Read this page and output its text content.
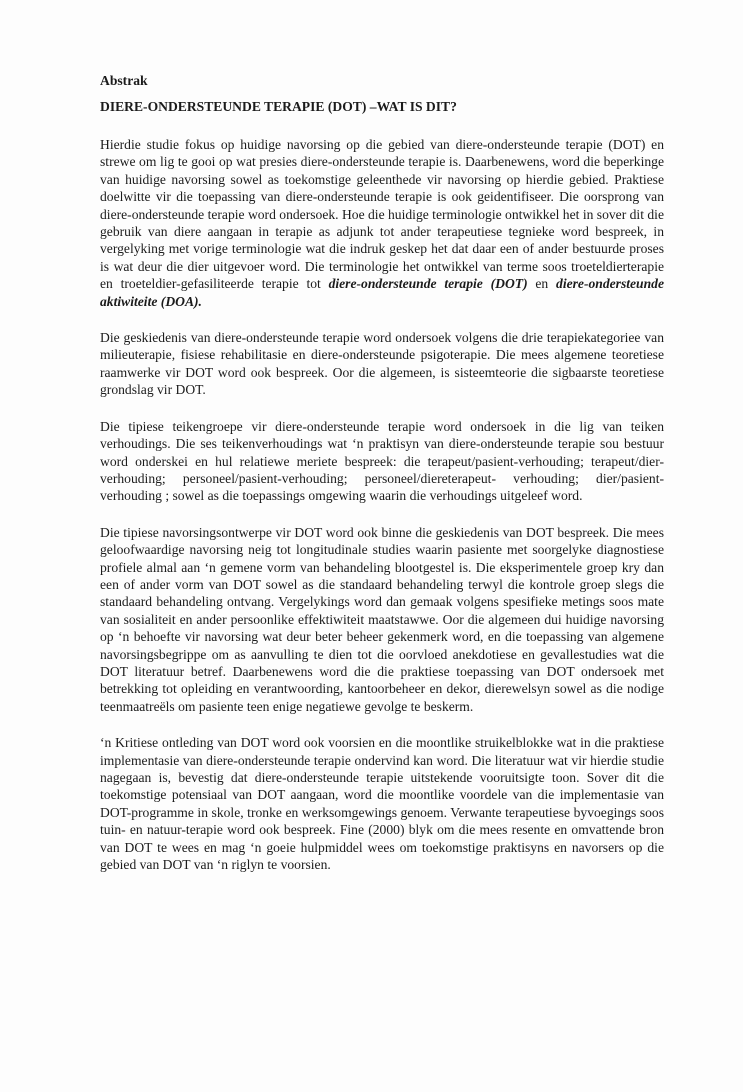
Abstrak

DIERE-ONDERSTEUNDE TERAPIE (DOT) –WAT IS DIT?

Hierdie studie fokus op huidige navorsing op die gebied van diere-ondersteunde terapie (DOT) en strewe om lig te gooi op wat presies diere-ondersteunde terapie is. Daarbenewens, word die beperkinge van huidige navorsing sowel as toekomstige geleenthede vir navorsing op hierdie gebied. Praktiese doelwitte vir die toepassing van diere-ondersteunde terapie is ook geidentifiseer. Die oorsprong van diere-ondersteunde terapie word ondersoek. Hoe die huidige terminologie ontwikkel het in sover dit die gebruik van diere aangaan in terapie as adjunk tot ander terapeutiese tegnieke word bespreek, in vergelyking met vorige terminologie wat die indruk geskep het dat daar een of ander bestuurde proses is wat deur die dier uitgevoer word. Die terminologie het ontwikkel van terme soos troeteldierterapie en troeteldier-gefasiliteerde terapie tot diere-ondersteunde terapie (DOT) en diere-ondersteunde aktiwiteite (DOA).

Die geskiedenis van diere-ondersteunde terapie word ondersoek volgens die drie terapiekategoriee van milieuterapie, fisiese rehabilitasie en diere-ondersteunde psigoterapie. Die mees algemene teoretiese raamwerke vir DOT word ook bespreek. Oor die algemeen, is sisteemteorie die sigbaarste teoretiese grondslag vir DOT.

Die tipiese teikengroepe vir diere-ondersteunde terapie word ondersoek in die lig van teiken verhoudings. Die ses teikenverhoudings wat ‘n praktisyn van diere-ondersteunde terapie sou bestuur word onderskei en hul relatiewe meriete bespreek: die terapeut/pasient-verhouding; terapeut/dier-verhouding; personeel/pasient-verhouding; personeel/diereterapeut- verhouding; dier/pasient- verhouding ; sowel as die toepassings omgewing waarin die verhoudings uitgeleef word.

Die tipiese navorsingsontwerpe vir DOT word ook binne die geskiedenis van DOT bespreek. Die mees geloofwaardige navorsing neig tot longitudinale studies waarin pasiente met soorgelyke diagnostiese profiele almal aan ‘n gemene vorm van behandeling blootgestel is. Die eksperimentele groep kry dan een of ander vorm van DOT sowel as die standaard behandeling terwyl die kontrole groep slegs die standaard behandeling ontvang. Vergelykings word dan gemaak volgens spesifieke metings soos mate van sosialiteit en ander persoonlike effektiwiteit maatstawwe. Oor die algemeen dui huidige navorsing op ‘n behoefte vir navorsing wat deur beter beheer gekenmerk word, en die toepassing van algemene navorsingsbegrippe om as aanvulling te dien tot die oorvloed anekdotiese en gevallestudies wat die DOT literatuur betref. Daarbenewens word die die praktiese toepassing van DOT ondersoek met betrekking tot opleiding en verantwoording, kantoorbeheer en dekor, dierewelsyn sowel as die nodige teenmaatreëls om pasiente teen enige negatiewe gevolge te beskerm.

‘n Kritiese ontleding van DOT word ook voorsien en die moontlike struikelblokke wat in die praktiese implementasie van diere-ondersteunde terapie ondervind kan word. Die literatuur wat vir hierdie studie nagegaan is, bevestig dat diere-ondersteunde terapie uitstekende vooruitsigte toon. Sover dit die toekomstige potensiaal van DOT aangaan, word die moontlike voordele van die implementasie van DOT-programme in skole, tronke en werksomgewings genoem. Verwante terapeutiese byvoegings soos tuin- en natuur-terapie word ook bespreek. Fine (2000) blyk om die mees resente en omvattende bron van DOT te wees en mag ‘n goeie hulpmiddel wees om toekomstige praktisyns en navorsers op die gebied van DOT van ‘n riglyn te voorsien.
